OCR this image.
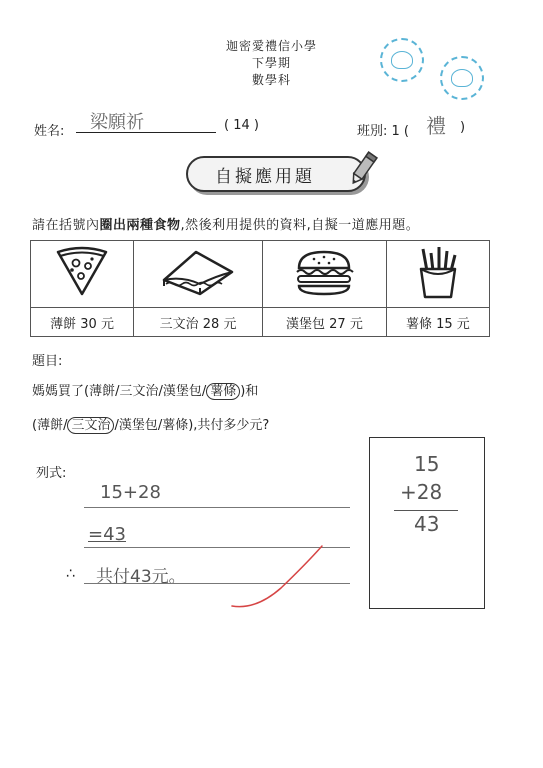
迦密愛禮信小學
下學期
數學科
姓名:	梁願祈	( 14 )	班別: 1 ( 禮 )
自擬應用題
請在括號內圈出兩種食物,然後利用提供的資料,自擬一道應用題。

薄餅 30 元	三文治 28 元	漢堡包 27 元	薯條 15 元
題目:
媽媽買了(薄餅/三文治/漢堡包/ 薯條 )和
(薄餅/ 三文治 /漢堡包/薯條),共付多少元?
列式:
15+28
=43
∴ 共付43元。
15
+28
43
